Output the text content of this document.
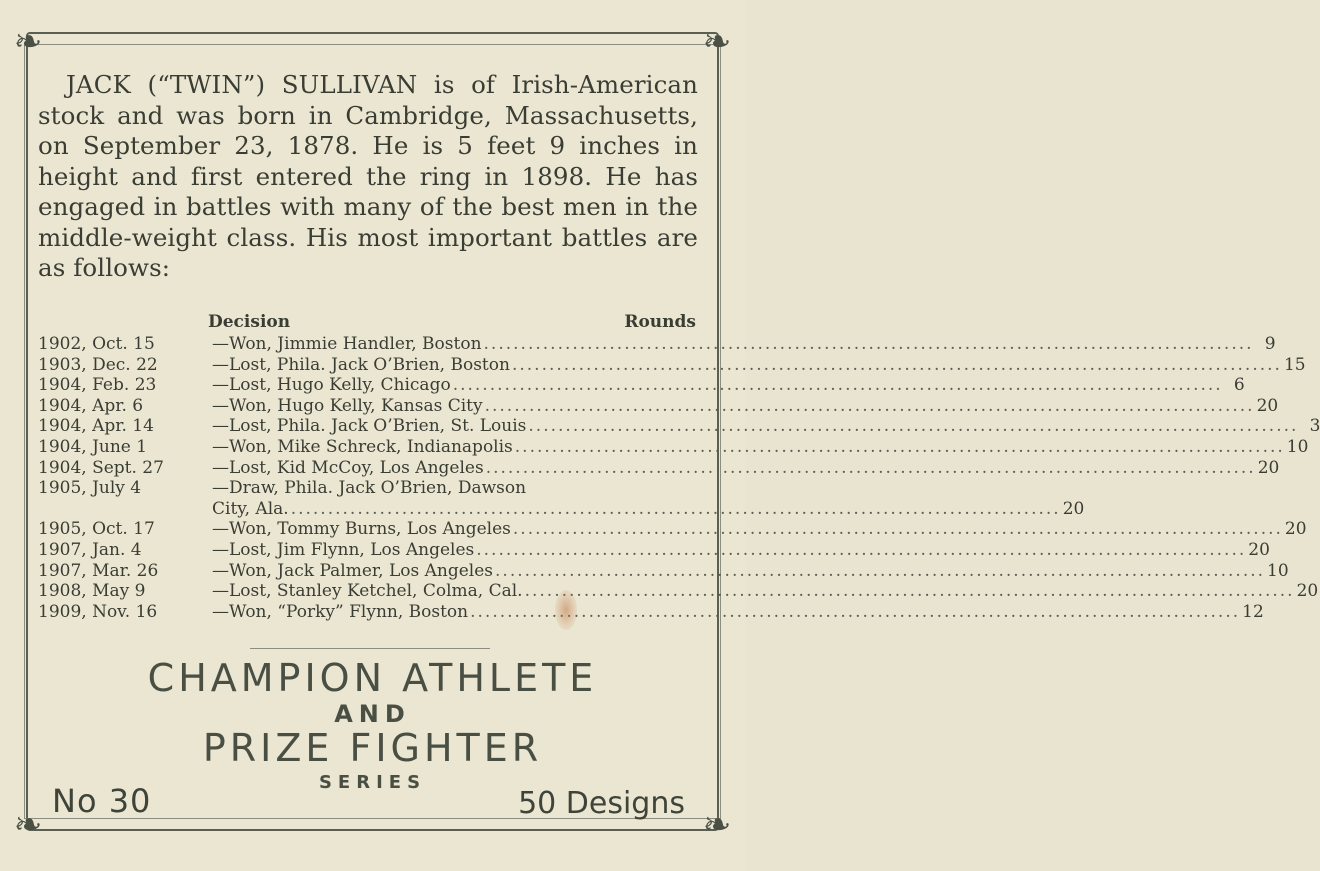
❧	❧
❧	❧
JACK (“TWIN”) SULLIVAN is of Irish-American stock and was born in Cambridge, Massachusetts, on September 23, 1878. He is 5 feet 9 inches in height and first entered the ring in 1898. He has engaged in battles with many of the best men in the middle-weight class. His most important battles are as follows:
Decision	Rounds
1902, Oct. 15	—Won, Jimmie Handler, Boston .....	9
1903, Dec. 22	—Lost, Phila. Jack O’Brien, Boston .....	15
1904, Feb. 23	—Lost, Hugo Kelly, Chicago .....	6
1904, Apr. 6	—Won, Hugo Kelly, Kansas City .....	20
1904, Apr. 14	—Lost, Phila. Jack O’Brien, St. Louis .....	3
1904, June 1	—Won, Mike Schreck, Indianapolis .....	10
1904, Sept. 27	—Lost, Kid McCoy, Los Angeles .....	20
1905, July 4	—Draw, Phila. Jack O’Brien, Dawson
City, Ala. .....	20
1905, Oct. 17	—Won, Tommy Burns, Los Angeles .....	20
1907, Jan. 4	—Lost, Jim Flynn, Los Angeles .....	20
1907, Mar. 26	—Won, Jack Palmer, Los Angeles .....	10
1908, May 9	—Lost, Stanley Ketchel, Colma, Cal. .....	20
1909, Nov. 16	—Won, “Porky” Flynn, Boston .....	12
CHAMPION ATHLETE
AND
PRIZE FIGHTER
SERIES
No 30	50 Designs
